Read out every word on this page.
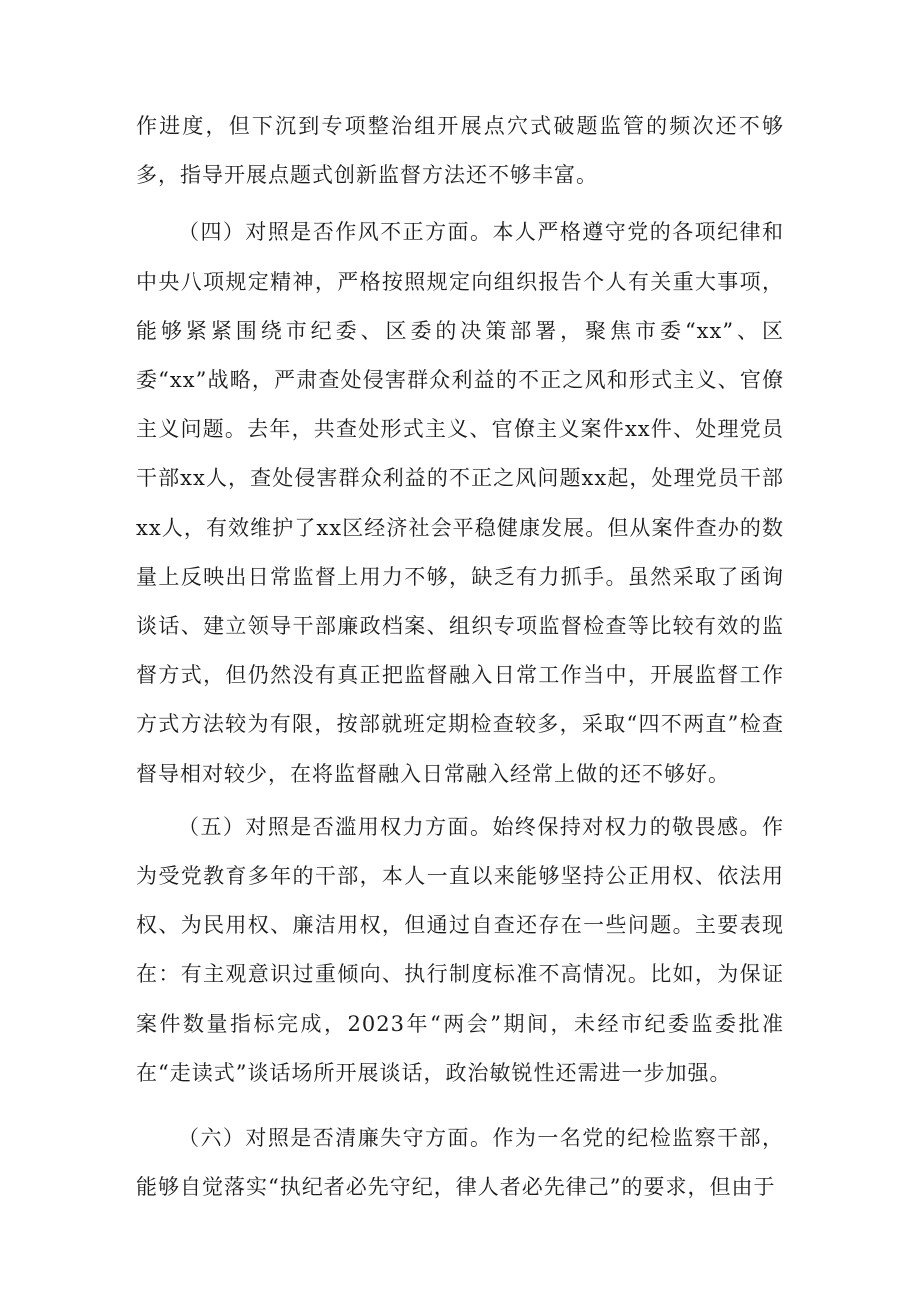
作进度，但下沉到专项整治组开展点穴式破题监管的频次还不够多，指导开展点题式创新监督方法还不够丰富。

（四）对照是否作风不正方面。本人严格遵守党的各项纪律和中央八项规定精神，严格按照规定向组织报告个人有关重大事项，能够紧紧围绕市纪委、区委的决策部署，聚焦市委“xx”、区委“xx”战略，严肃查处侵害群众利益的不正之风和形式主义、官僚主义问题。去年，共查处形式主义、官僚主义案件xx件、处理党员干部xx人，查处侵害群众利益的不正之风问题xx起，处理党员干部xx人，有效维护了xx区经济社会平稳健康发展。但从案件查办的数量上反映出日常监督上用力不够，缺乏有力抓手。虽然采取了函询谈话、建立领导干部廉政档案、组织专项监督检查等比较有效的监督方式，但仍然没有真正把监督融入日常工作当中，开展监督工作方式方法较为有限，按部就班定期检查较多，采取“四不两直”检查督导相对较少，在将监督融入日常融入经常上做的还不够好。

（五）对照是否滥用权力方面。始终保持对权力的敬畏感。作为受党教育多年的干部，本人一直以来能够坚持公正用权、依法用权、为民用权、廉洁用权，但通过自查还存在一些问题。主要表现在：有主观意识过重倾向、执行制度标准不高情况。比如，为保证案件数量指标完成，2023年“两会”期间，未经市纪委监委批准在“走读式”谈话场所开展谈话，政治敏锐性还需进一步加强。

（六）对照是否清廉失守方面。作为一名党的纪检监察干部，能够自觉落实“执纪者必先守纪，律人者必先律己”的要求，但由于
